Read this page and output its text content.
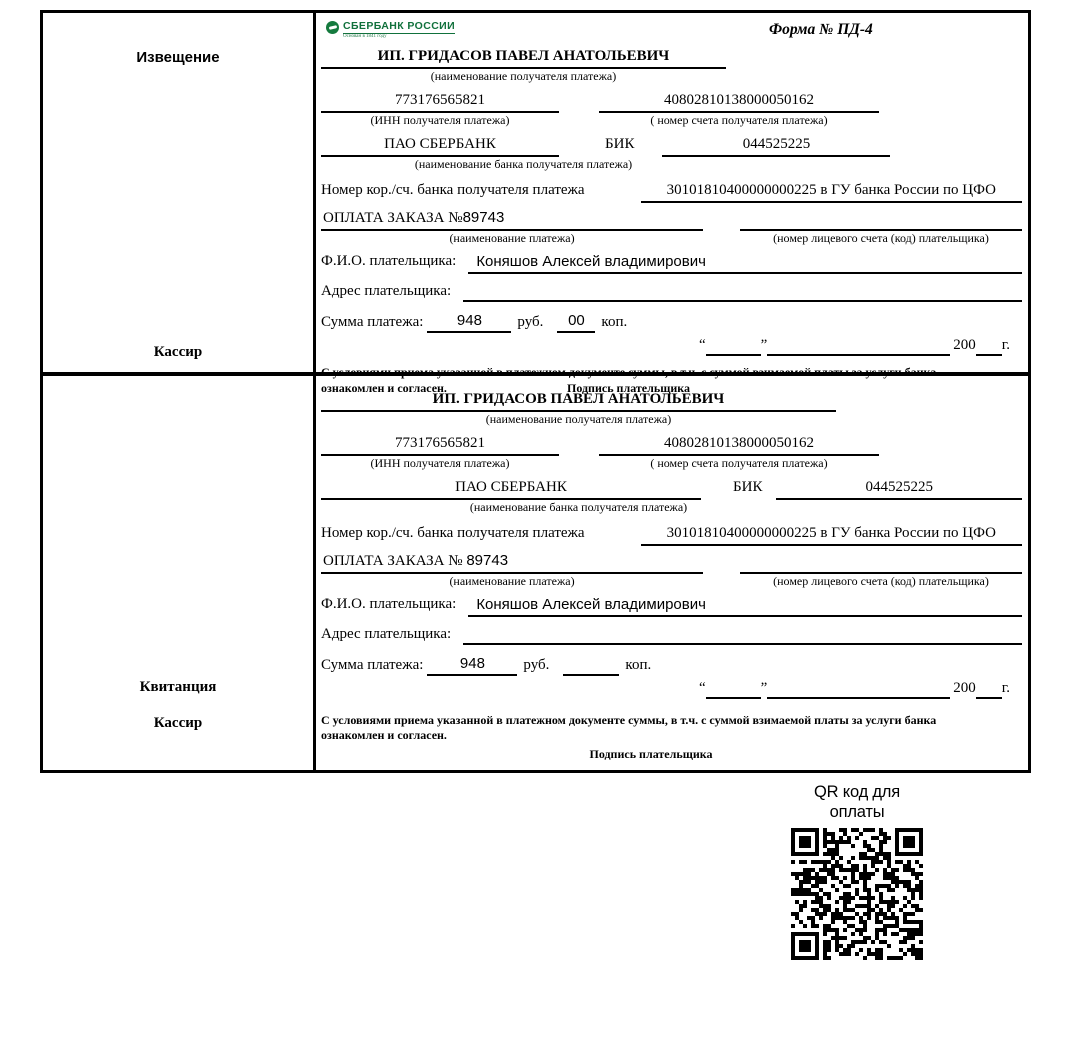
Извещение
Кассир
СБЕРБАНК РОССИИ
Основан в 1841 году	Форма № ПД-4
ИП. ГРИДАСОВ ПАВЕЛ АНАТОЛЬЕВИЧ
(наименование получателя платежа)
773176565821	40802810138000050162
(ИНН получателя платежа)	( номер счета получателя платежа)
ПАО СБЕРБАНК	БИК	044525225
(наименование банка получателя платежа)
Номер кор./сч. банка получателя платежа	30101810400000000225 в ГУ банка России по ЦФО
ОПЛАТА ЗАКАЗА №89743
(наименование платежа)	(номер лицевого счета (код) плательщика)
Ф.И.О. плательщика:	Коняшов Алексей владимирович
Адрес плательщика:
Сумма платежа:	948	руб.	00	коп.
“	”	200 г.
С условиями приема указанной в платежном документе суммы, в т.ч. с суммой взимаемой платы за услуги банка
ознакомлен и согласен.	Подпись плательщика
Квитанция
Кассир
ИП. ГРИДАСОВ ПАВЕЛ АНАТОЛЬЕВИЧ
(наименование получателя платежа)
773176565821	40802810138000050162
(ИНН получателя платежа)	( номер счета получателя платежа)
ПАО СБЕРБАНК	БИК	044525225
(наименование банка получателя платежа)
Номер кор./сч. банка получателя платежа	30101810400000000225 в ГУ банка России по ЦФО
ОПЛАТА ЗАКАЗА № 89743
(наименование платежа)	(номер лицевого счета (код) плательщика)
Ф.И.О. плательщика:	Коняшов Алексей владимирович
Адрес плательщика:
Сумма платежа:	948	руб.	коп.
“	”	200 г.
С условиями приема указанной в платежном документе суммы, в т.ч. с суммой взимаемой платы за услуги банка
ознакомлен и согласен.
Подпись плательщика
QR код для оплаты
